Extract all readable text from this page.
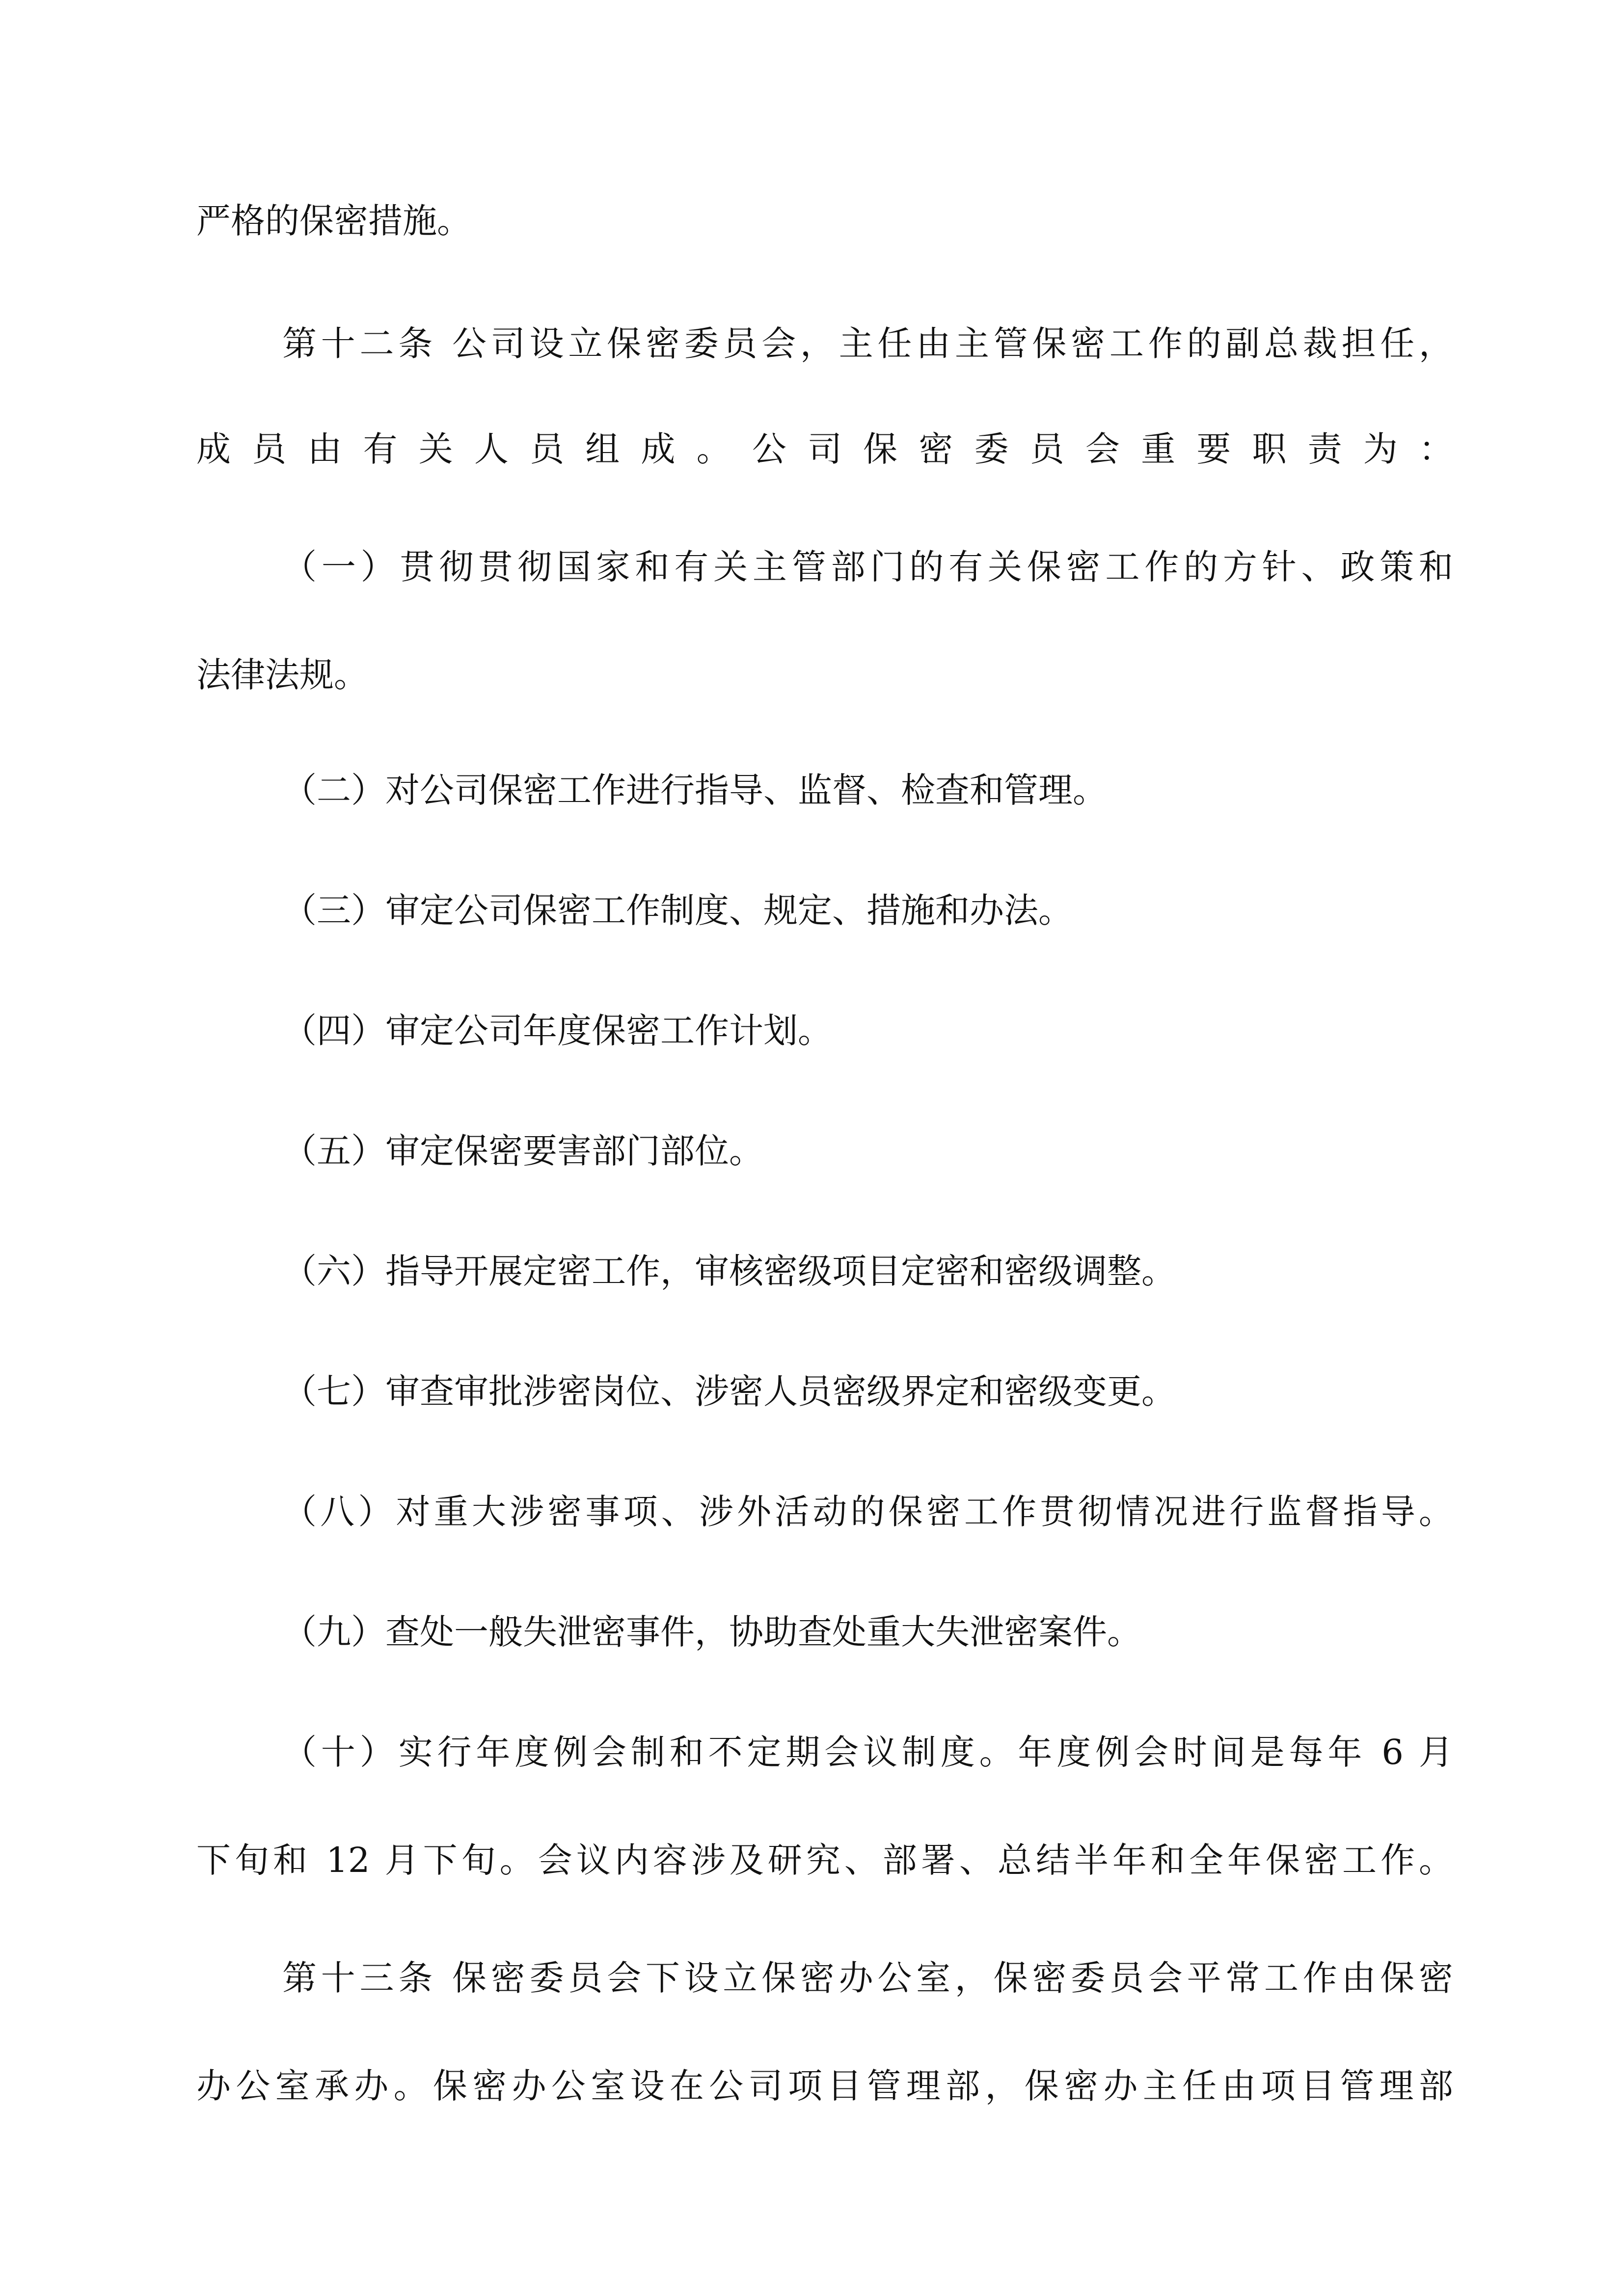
严格的保密措施。
第十二条 公司设立保密委员会，主任由主管保密工作的副总裁担任，
成员由有关人员组成。公司保密委员会重要职责为：
（一）贯彻贯彻国家和有关主管部门的有关保密工作的方针、政策和
法律法规。
（二）对公司保密工作进行指导、监督、检查和管理。
（三）审定公司保密工作制度、规定、措施和办法。
（四）审定公司年度保密工作计划。
（五）审定保密要害部门部位。
（六）指导开展定密工作，审核密级项目定密和密级调整。
（七）审查审批涉密岗位、涉密人员密级界定和密级变更。
（八）对重大涉密事项、涉外活动的保密工作贯彻情况进行监督指导。
（九）查处一般失泄密事件，协助查处重大失泄密案件。
（十）实行年度例会制和不定期会议制度。年度例会时间是每年 6 月
下旬和 12 月下旬。会议内容涉及研究、部署、总结半年和全年保密工作。
第十三条 保密委员会下设立保密办公室，保密委员会平常工作由保密
办公室承办。保密办公室设在公司项目管理部，保密办主任由项目管理部
